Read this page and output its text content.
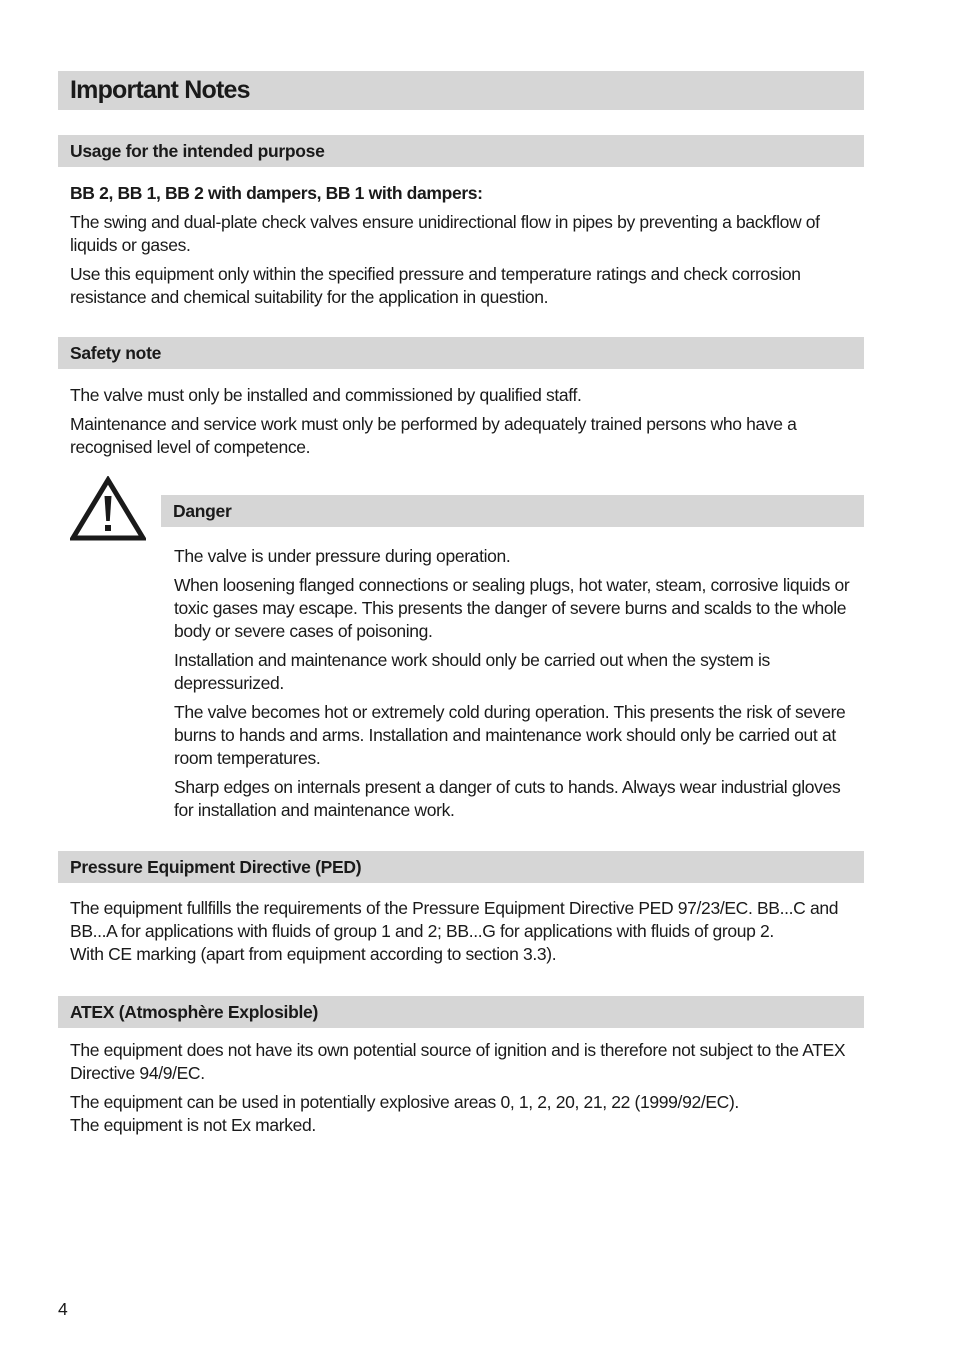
Important Notes
Usage for the intended purpose

BB 2, BB 1, BB 2 with dampers, BB 1 with dampers:

The swing and dual-plate check valves ensure unidirectional flow in pipes by preventing a backflow of liquids or gases.

Use this equipment only within the specified pressure and temperature ratings and check corrosion resistance and chemical suitability for the application in question.

Safety note

The valve must only be installed and commissioned by qualified staff.

Maintenance and service work must only be performed by adequately trained persons who have a recognised level of competence.

Danger

The valve is under pressure during operation.

When loosening flanged connections or sealing plugs, hot water, steam, corrosive liquids or toxic gases may escape. This presents the danger of severe burns and scalds to the whole body or severe cases of poisoning.

Installation and maintenance work should only be carried out when the system is depressurized.

The valve becomes hot or extremely cold during operation. This presents the risk of severe burns to hands and arms. Installation and maintenance work should only be carried out at room temperatures.

Sharp edges on internals present a danger of cuts to hands. Always wear industrial gloves for installation and maintenance work.

Pressure Equipment Directive (PED)

The equipment fullfills the requirements of the Pressure Equipment Directive PED 97/23/EC. BB...C and BB...A for applications with fluids of group 1 and 2; BB...G for applications with fluids of group 2.

With CE marking (apart from equipment according to section 3.3).

ATEX (Atmosphère Explosible)

The equipment does not have its own potential source of ignition and is therefore not subject to the ATEX Directive 94/9/EC.

The equipment can be used in potentially explosive areas 0, 1, 2, 20, 21, 22 (1999/92/EC).

The equipment is not Ex marked.

4
